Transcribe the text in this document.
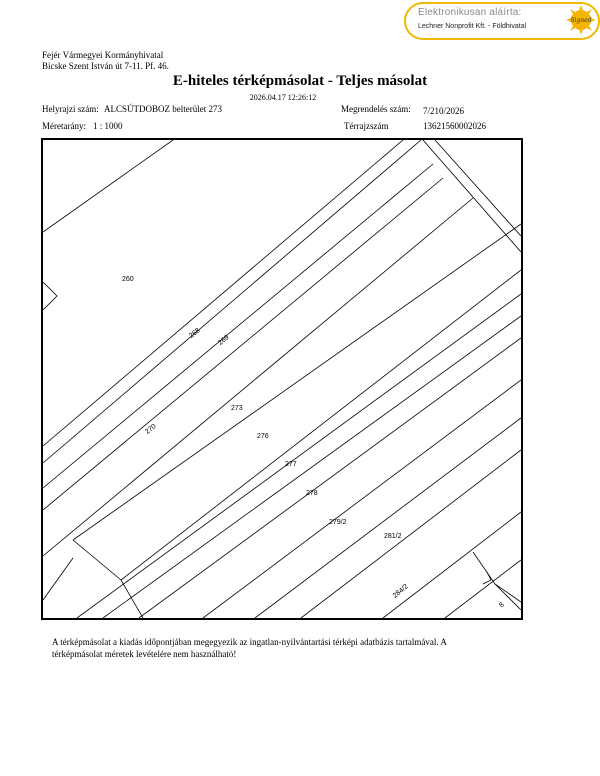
Elektronikusan aláírta:
Lechner Nonprofit Kft. - Földhivatal
Signed
Fejér Vármegyei Kormányhivatal
Bicske Szent István út 7-11. Pf. 46.
E-hiteles térképmásolat - Teljes másolat
2026.04.17 12:26:12
Helyrajzi szám: ALCSÚTDOBOZ belterület 273	Megrendelés szám: 7/210/2026
Méretarány: 1 : 1000	Térrajzszám	13621560002026
260
268
269
273
270
276
277
278
279/2
281/2
284/2
8
A térképmásolat a kiadás időpontjában megegyezik az ingatlan-nyilvántartási térképi adatbázis tartalmával. A
térképmásolat méretek levételére nem használható!
